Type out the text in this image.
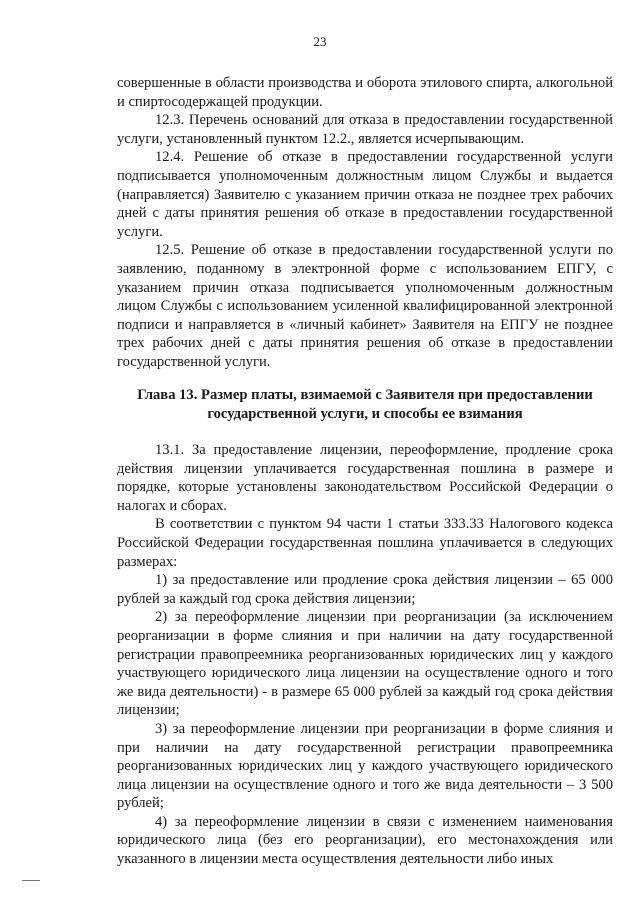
23

совершенные в области производства и оборота этилового спирта, алкогольной и спиртосодержащей продукции.

12.3. Перечень оснований для отказа в предоставлении государственной услуги, установленный пунктом 12.2., является исчерпывающим.

12.4. Решение об отказе в предоставлении государственной услуги подписывается уполномоченным должностным лицом Службы и выдается (направляется) Заявителю с указанием причин отказа не позднее трех рабочих дней с даты принятия решения об отказе в предоставлении государственной услуги.

12.5. Решение об отказе в предоставлении государственной услуги по заявлению, поданному в электронной форме с использованием ЕПГУ, с указанием причин отказа подписывается уполномоченным должностным лицом Службы с использованием усиленной квалифицированной электронной подписи и направляется в «личный кабинет» Заявителя на ЕПГУ не позднее трех рабочих дней с даты принятия решения об отказе в предоставлении государственной услуги.

Глава 13. Размер платы, взимаемой с Заявителя при предоставлении государственной услуги, и способы ее взимания

13.1. За предоставление лицензии, переоформление, продление срока действия лицензии уплачивается государственная пошлина в размере и порядке, которые установлены законодательством Российской Федерации о налогах и сборах.

В соответствии с пунктом 94 части 1 статьи 333.33 Налогового кодекса Российской Федерации государственная пошлина уплачивается в следующих размерах:

1) за предоставление или продление срока действия лицензии – 65 000 рублей за каждый год срока действия лицензии;

2) за переоформление лицензии при реорганизации (за исключением реорганизации в форме слияния и при наличии на дату государственной регистрации правопреемника реорганизованных юридических лиц у каждого участвующего юридического лица лицензии на осуществление одного и того же вида деятельности) - в размере 65 000 рублей за каждый год срока действия лицензии;

3) за переоформление лицензии при реорганизации в форме слияния и при наличии на дату государственной регистрации правопреемника реорганизованных юридических лиц у каждого участвующего юридического лица лицензии на осуществление одного и того же вида деятельности – 3 500 рублей;

4) за переоформление лицензии в связи с изменением наименования юридического лица (без его реорганизации), его местонахождения или указанного в лицензии места осуществления деятельности либо иных
